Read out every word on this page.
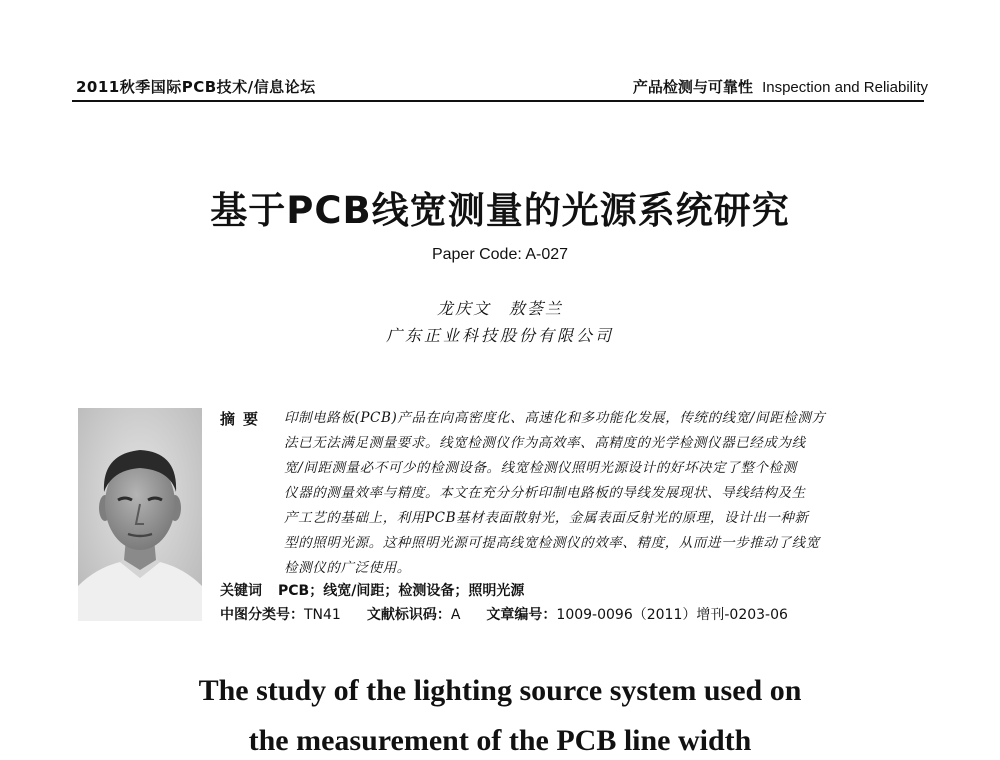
2011秋季国际PCB技术/信息论坛	产品检测与可靠性 Inspection and Reliability
基于PCB线宽测量的光源系统研究
Paper Code: A-027
龙庆文 敖荟兰
广东正业科技股份有限公司
摘要 印制电路板(PCB)产品在向高密度化、高速化和多功能化发展，传统的线宽/间距检测方
法已无法满足测量要求。线宽检测仪作为高效率、高精度的光学检测仪器已经成为线
宽/间距测量必不可少的检测设备。线宽检测仪照明光源设计的好坏决定了整个检测
仪器的测量效率与精度。本文在充分分析印制电路板的导线发展现状、导线结构及生
产工艺的基础上，利用PCB基材表面散射光，金属表面反射光的原理，设计出一种新
型的照明光源。这种照明光源可提高线宽检测仪的效率、精度，从而进一步推动了线宽
检测仪的广泛使用。
关键词 PCB；线宽/间距；检测设备；照明光源
中图分类号：TN41 文献标识码：A 文章编号：1009-0096（2011）增刊-0203-06
The study of the lighting source system used on
the measurement of the PCB line width
